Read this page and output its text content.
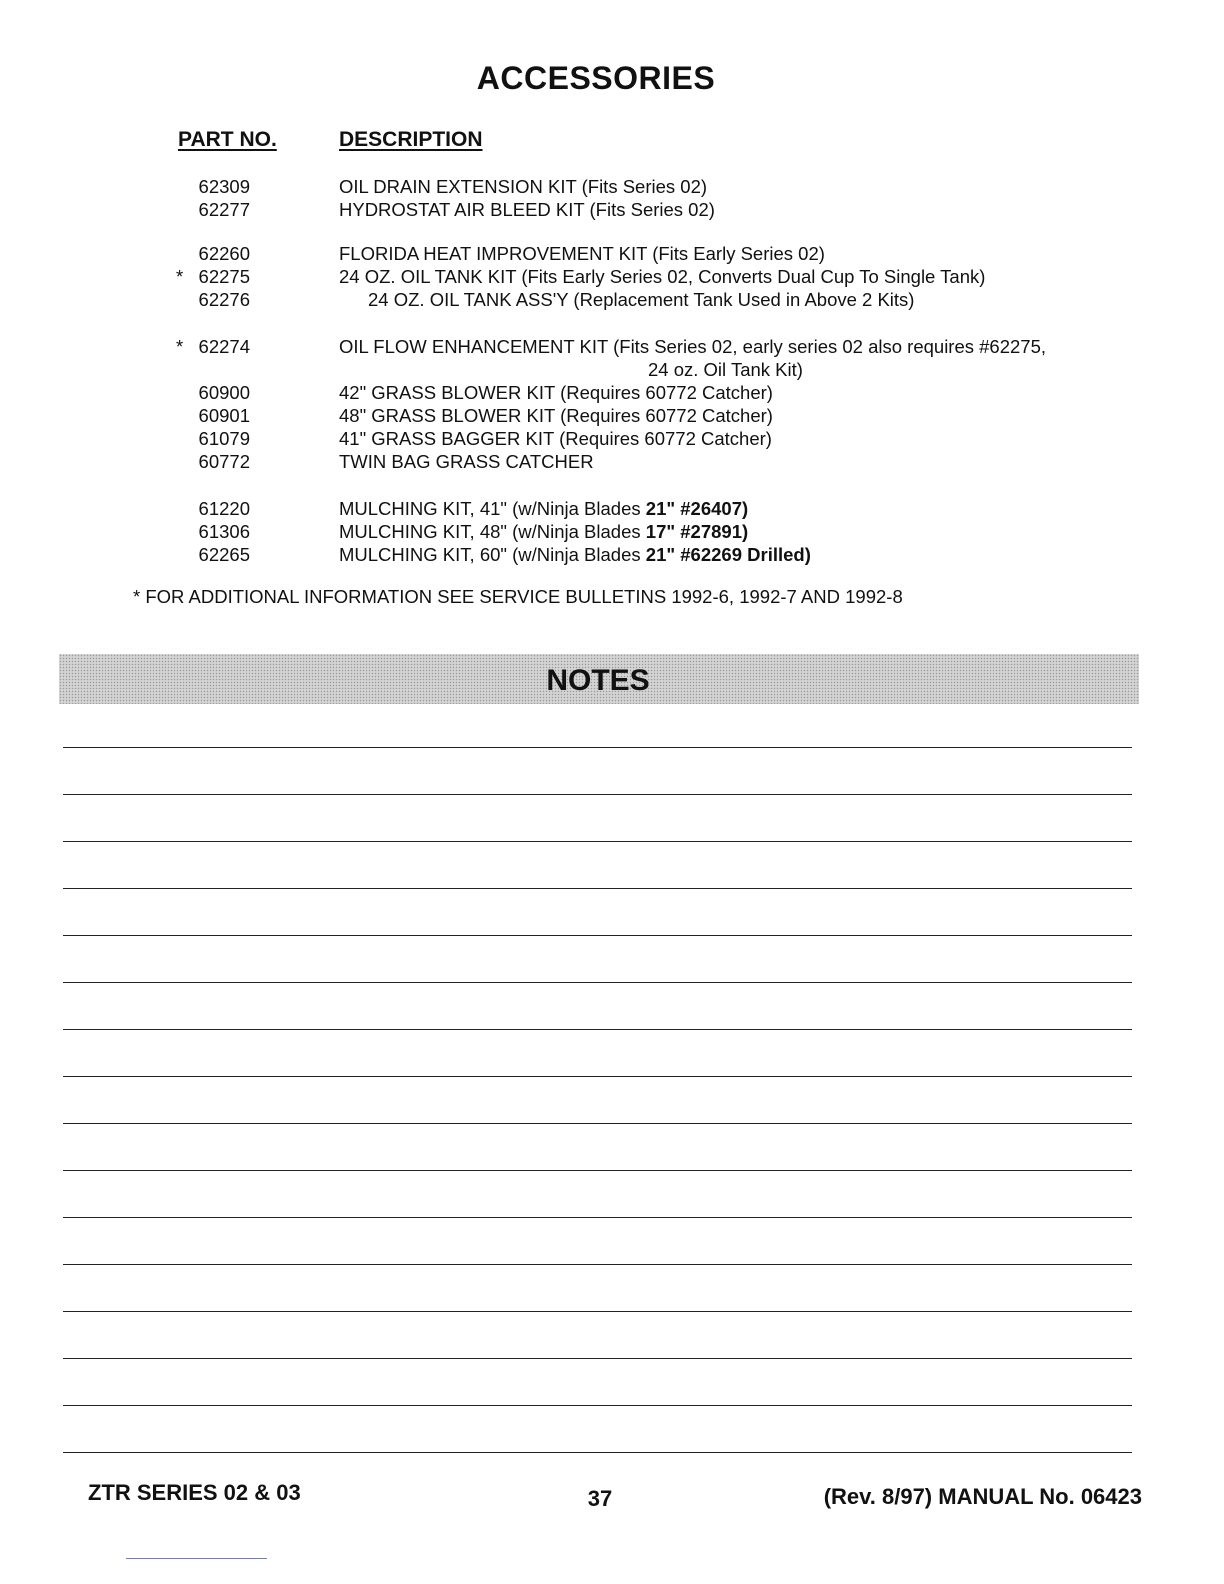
ACCESSORIES
PART NO.	DESCRIPTION
62309	OIL DRAIN EXTENSION KIT (Fits Series 02)
62277	HYDROSTAT AIR BLEED KIT (Fits Series 02)
62260	FLORIDA HEAT IMPROVEMENT KIT (Fits Early Series 02)
* 62275	24 OZ. OIL TANK KIT (Fits Early Series 02, Converts Dual Cup To Single Tank)
62276	24 OZ. OIL TANK ASS'Y (Replacement Tank Used in Above 2 Kits)
* 62274	OIL FLOW ENHANCEMENT KIT (Fits Series 02, early series 02 also requires #62275,
24 oz. Oil Tank Kit)
60900	42" GRASS BLOWER KIT (Requires 60772 Catcher)
60901	48" GRASS BLOWER KIT (Requires 60772 Catcher)
61079	41" GRASS BAGGER KIT (Requires 60772 Catcher)
60772	TWIN BAG GRASS CATCHER
61220	MULCHING KIT, 41" (w/Ninja Blades 21" #26407)
61306	MULCHING KIT, 48" (w/Ninja Blades 17" #27891)
62265	MULCHING KIT, 60" (w/Ninja Blades 21" #62269 Drilled)
* FOR ADDITIONAL INFORMATION SEE SERVICE BULLETINS 1992-6, 1992-7 AND 1992-8
NOTES
ZTR SERIES 02 & 03	37	(Rev. 8/97) MANUAL No. 06423
